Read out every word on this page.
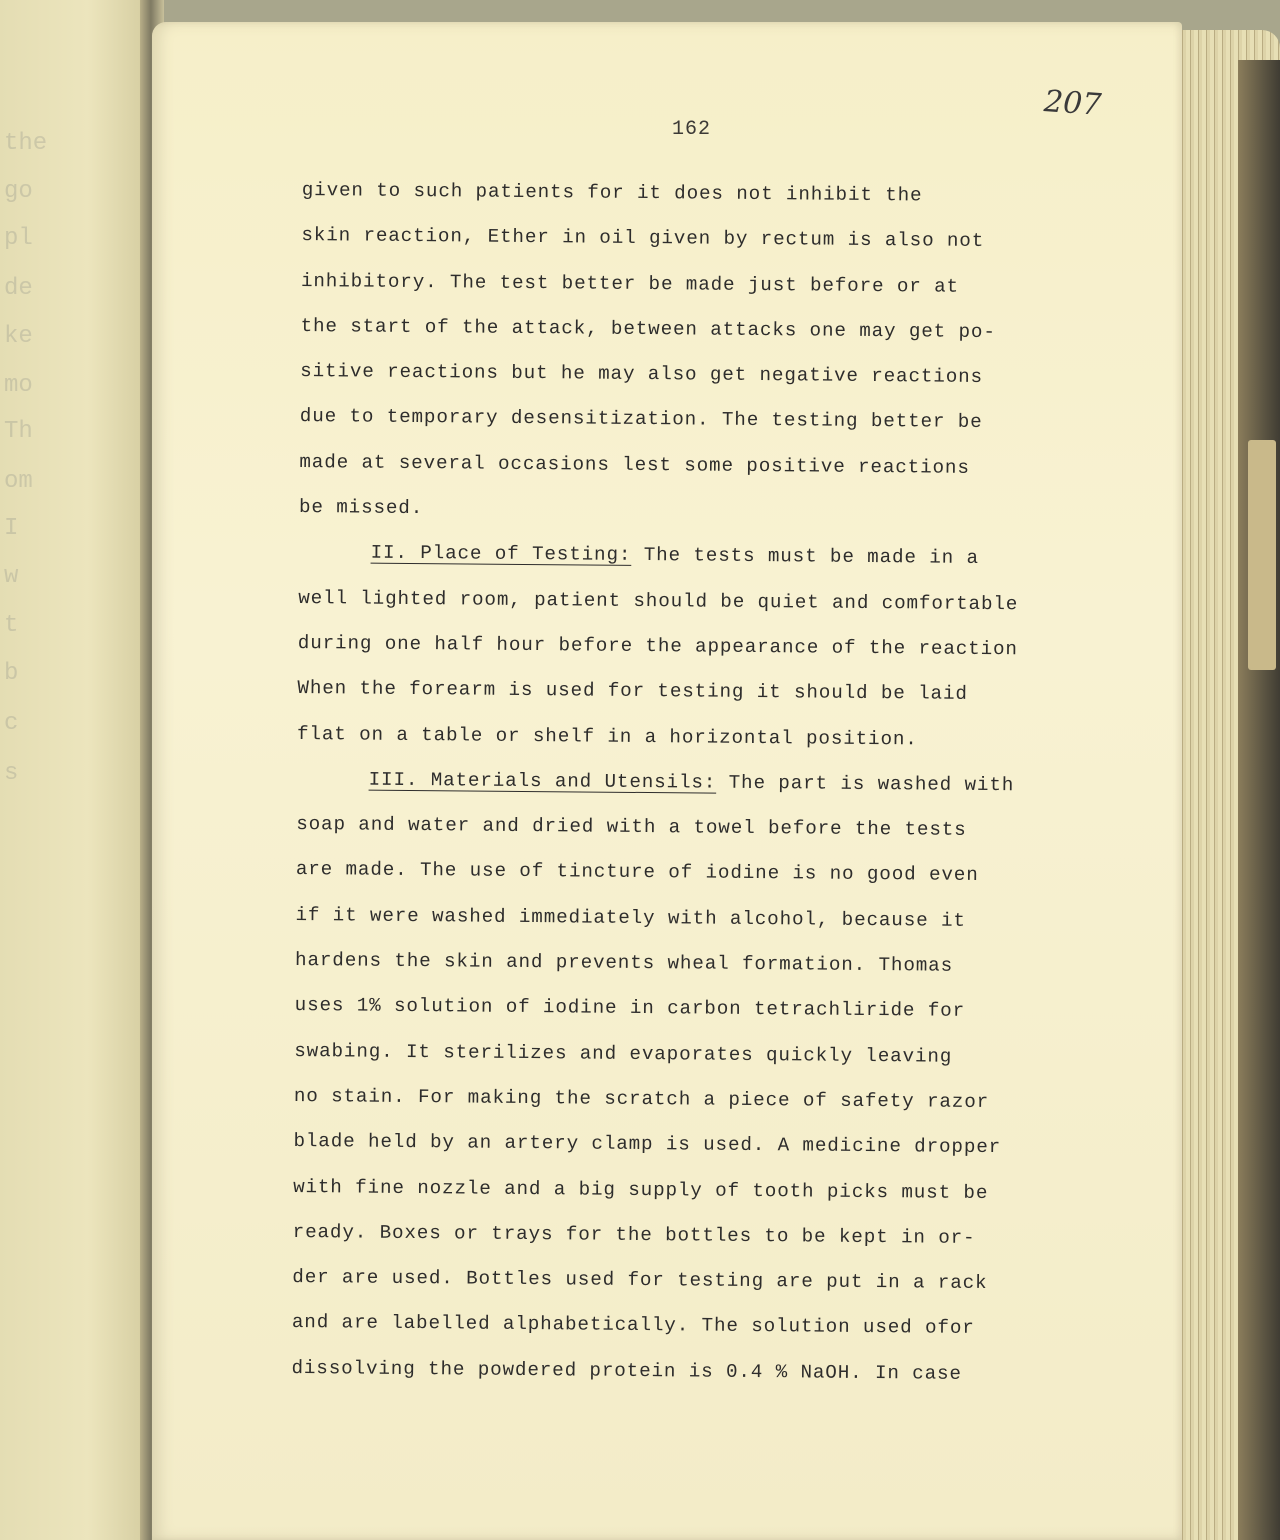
the
go
pl
de
ke
mo
Th
om
I
w
t
b
c
s
162
207
given to such patients for it does not inhibit the
skin reaction, Ether in oil given by rectum is also not
inhibitory. The test better be made just before or at
the start of the attack, between attacks one may get po-
sitive reactions but he may also get negative reactions
due to temporary desensitization. The testing better be
made at several occasions lest some positive reactions
be missed.
II. Place of Testing: The tests must be made in a
well lighted room, patient should be quiet and comfortable
during one half hour before the appearance of the reaction
When the forearm is used for testing it should be laid
flat on a table or shelf in a horizontal position.
III. Materials and Utensils: The part is washed with
soap and water and dried with a towel before the tests
are made. The use of tincture of iodine is no good even
if it were washed immediately with alcohol, because it
hardens the skin and prevents wheal formation. Thomas
uses 1% solution of iodine in carbon tetrachliride for
swabing. It sterilizes and evaporates quickly leaving
no stain. For making the scratch a piece of safety razor
blade held by an artery clamp is used. A medicine dropper
with fine nozzle and a big supply of tooth picks must be
ready. Boxes or trays for the bottles to be kept in or-
der are used. Bottles used for testing are put in a rack
and are labelled alphabetically. The solution used ofor
dissolving the powdered protein is 0.4 % NaOH. In case
